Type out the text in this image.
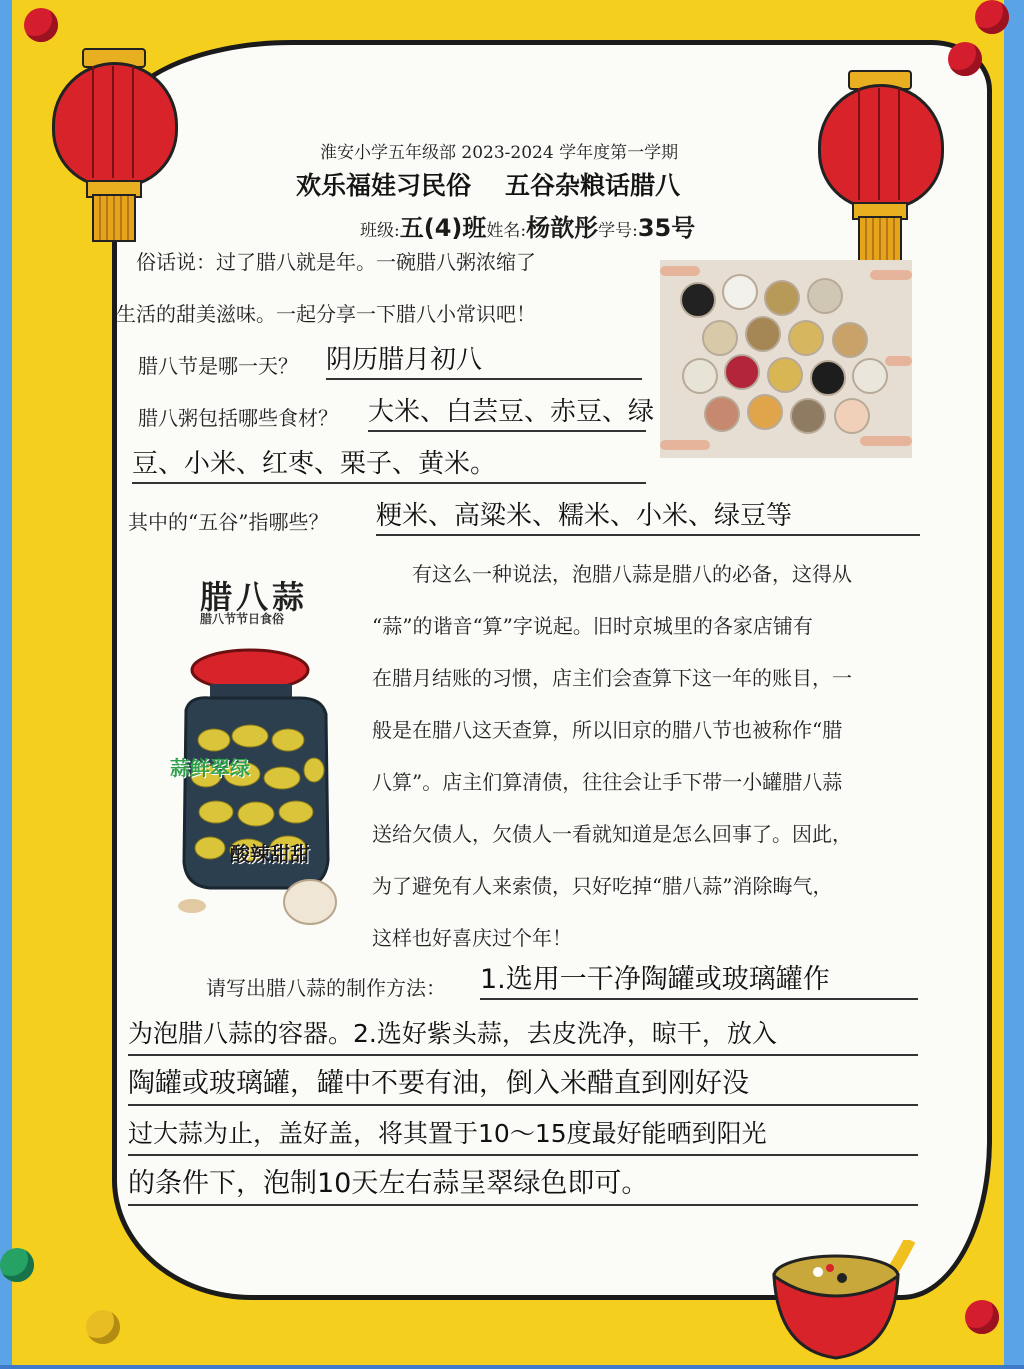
淮安小学五年级部 2023-2024 学年度第一学期
欢乐福娃习民俗 五谷杂粮话腊八
班级:五(4)班姓名:杨歆彤学号:35号
俗话说：过了腊八就是年。一碗腊八粥浓缩了
生活的甜美滋味。一起分享一下腊八小常识吧！
腊八节是哪一天？ 阴历腊月初八
腊八粥包括哪些食材？ 大米、白芸豆、赤豆、绿
豆、小米、红枣、栗子、黄米。
其中的“五谷”指哪些？ 粳米、高粱米、糯米、小米、绿豆等
腊八蒜
腊八节节日食俗
蒜鲜翠绿
酸辣甜甜
有这么一种说法，泡腊八蒜是腊八的必备，这得从
“蒜”的谐音“算”字说起。旧时京城里的各家店铺有
在腊月结账的习惯，店主们会查算下这一年的账目，一
般是在腊八这天查算，所以旧京的腊八节也被称作“腊
八算”。店主们算清债，往往会让手下带一小罐腊八蒜
送给欠债人，欠债人一看就知道是怎么回事了。因此，
为了避免有人来索债，只好吃掉“腊八蒜”消除晦气，
这样也好喜庆过个年！
请写出腊八蒜的制作方法： 1.选用一干净陶罐或玻璃罐作
为泡腊八蒜的容器。2.选好紫头蒜，去皮洗净，晾干，放入
陶罐或玻璃罐，罐中不要有油，倒入米醋直到刚好没
过大蒜为止，盖好盖，将其置于10～15度最好能晒到阳光
的条件下，泡制10天左右蒜呈翠绿色即可。
